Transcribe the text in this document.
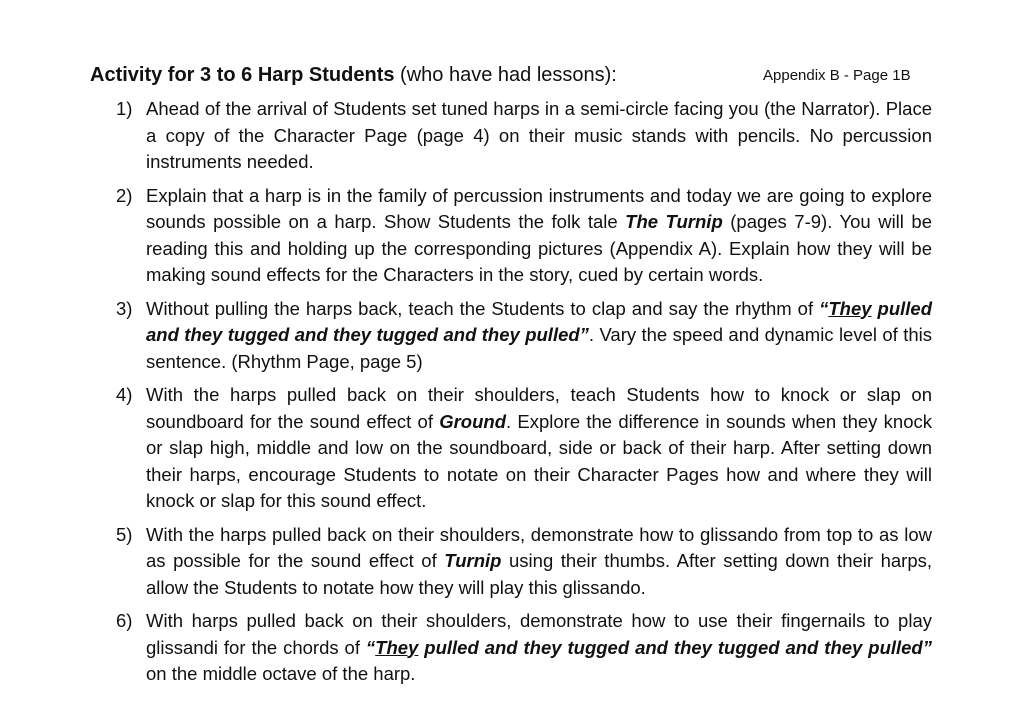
Activity for 3 to 6 Harp Students (who have had lessons):	Appendix B - Page 1B
1) Ahead of the arrival of Students set tuned harps in a semi-circle facing you (the Narrator). Place a copy of the Character Page (page 4) on their music stands with pencils. No percussion instruments needed.
2) Explain that a harp is in the family of percussion instruments and today we are going to explore sounds possible on a harp. Show Students the folk tale The Turnip (pages 7-9). You will be reading this and holding up the corresponding pictures (Appendix A). Explain how they will be making sound effects for the Characters in the story, cued by certain words.
3) Without pulling the harps back, teach the Students to clap and say the rhythm of “They pulled and they tugged and they tugged and they pulled”. Vary the speed and dynamic level of this sentence. (Rhythm Page, page 5)
4) With the harps pulled back on their shoulders, teach Students how to knock or slap on soundboard for the sound effect of Ground. Explore the difference in sounds when they knock or slap high, middle and low on the soundboard, side or back of their harp. After setting down their harps, encourage Students to notate on their Character Pages how and where they will knock or slap for this sound effect.
5) With the harps pulled back on their shoulders, demonstrate how to glissando from top to as low as possible for the sound effect of Turnip using their thumbs. After setting down their harps, allow the Students to notate how they will play this glissando.
6) With harps pulled back on their shoulders, demonstrate how to use their fingernails to play glissandi for the chords of “They pulled and they tugged and they tugged and they pulled” on the middle octave of the harp.
